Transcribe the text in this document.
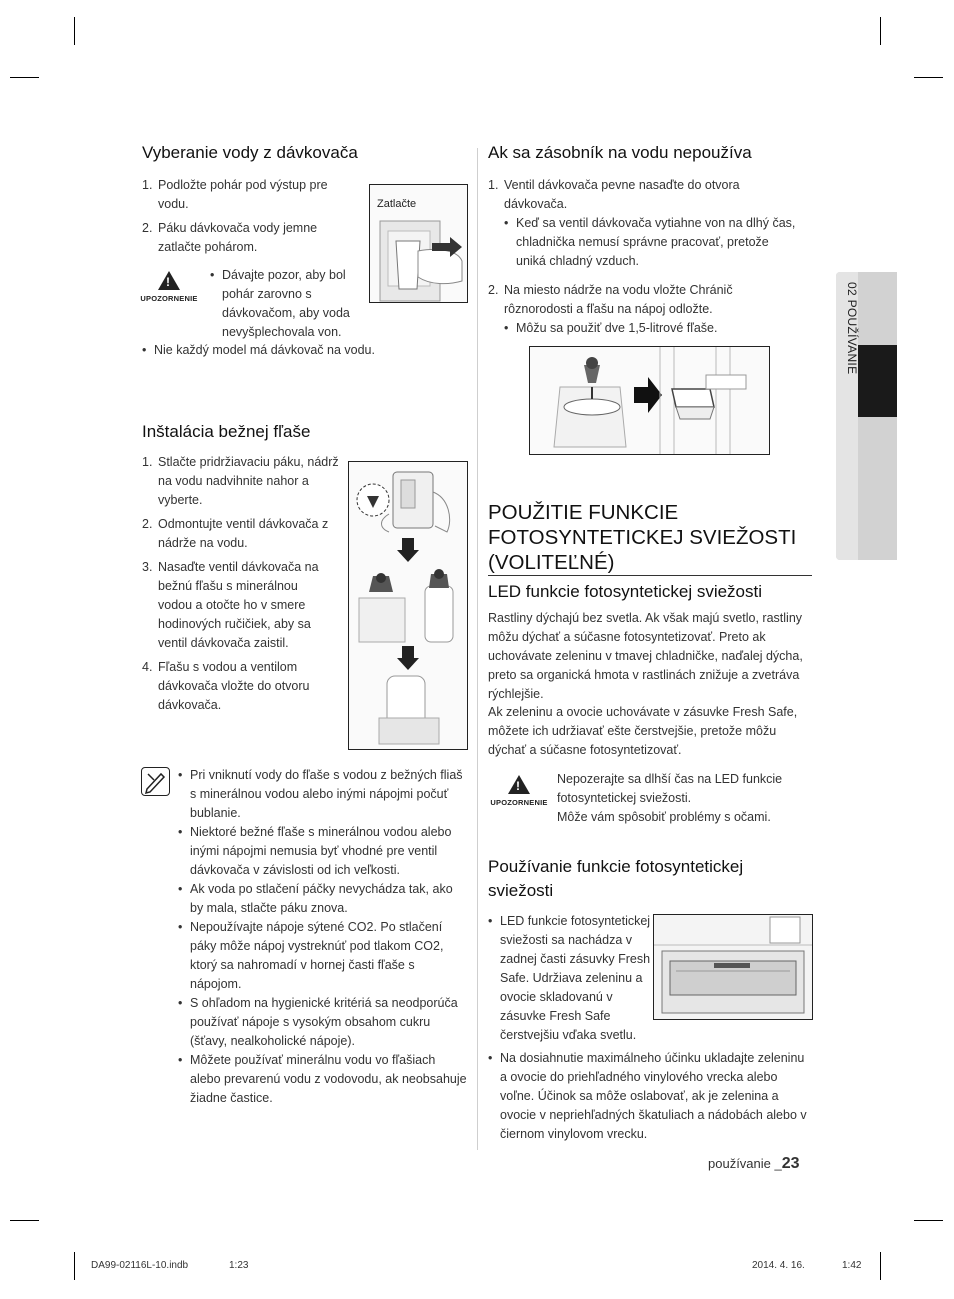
02 POUŽÍVANIE
Vyberanie vody z dávkovača
1. Podložte pohár pod výstup pre vodu.
2. Páku dávkovača vody jemne zatlačte pohárom.
Zatlačte
!
UPOZORNENIE
• Dávajte pozor, aby bol pohár zarovno s dávkovačom, aby voda nevyšplechovala von.
• Nie každý model má dávkovač na vodu.
Inštalácia bežnej fľaše
1. Stlačte pridržiavaciu páku, nádrž na vodu nadvihnite nahor a vyberte.
2. Odmontujte ventil dávkovača z nádrže na vodu.
3. Nasaďte ventil dávkovača na bežnú fľašu s minerálnou vodou a otočte ho v smere hodinových ručičiek, aby sa ventil dávkovača zaistil.
4. Fľašu s vodou a ventilom dávkovača vložte do otvoru dávkovača.
• Pri vniknutí vody do fľaše s vodou z bežných fliaš s minerálnou vodou alebo inými nápojmi počuť bublanie.
• Niektoré bežné fľaše s minerálnou vodou alebo inými nápojmi nemusia byť vhodné pre ventil dávkovača v závislosti od ich veľkosti.
• Ak voda po stlačení páčky nevychádza tak, ako by mala, stlačte páku znova.
• Nepoužívajte nápoje sýtené CO2. Po stlačení páky môže nápoj vystreknúť pod tlakom CO2, ktorý sa nahromadí v hornej časti fľaše s nápojom.
• S ohľadom na hygienické kritériá sa neodporúča používať nápoje s vysokým obsahom cukru (šťavy, nealkoholické nápoje).
• Môžete používať minerálnu vodu vo fľašiach alebo prevarenú vodu z vodovodu, ak neobsahuje žiadne častice.
Ak sa zásobník na vodu nepoužíva
1. Ventil dávkovača pevne nasaďte do otvora dávkovača.
• Keď sa ventil dávkovača vytiahne von na dlhý čas, chladnička nemusí správne pracovať, pretože uniká chladný vzduch.
2. Na miesto nádrže na vodu vložte Chránič rôznorodosti a fľašu na nápoj odložte.
• Môžu sa použiť dve 1,5-litrové fľaše.
POUŽITIE FUNKCIE
FOTOSYNTETICKEJ SVIEŽOSTI
(VOLITEĽNÉ)
LED funkcie fotosyntetickej sviežosti
Rastliny dýchajú bez svetla. Ak však majú svetlo, rastliny môžu dýchať a súčasne fotosyntetizovať. Preto ak uchovávate zeleninu v tmavej chladničke, naďalej dýcha, preto sa organická hmota v rastlinách znižuje a zvetráva rýchlejšie.
Ak zeleninu a ovocie uchovávate v zásuvke Fresh Safe, môžete ich udržiavať ešte čerstvejšie, pretože môžu dýchať a súčasne fotosyntetizovať.
!
UPOZORNENIE
Nepozerajte sa dlhší čas na LED funkcie fotosyntetickej sviežosti.
Môže vám spôsobiť problémy s očami.
Používanie funkcie fotosyntetickej
sviežosti
•
LED funkcie fotosyntetickej sviežosti sa nachádza v zadnej časti zásuvky Fresh Safe. Udržiava zeleninu a ovocie skladovanú v zásuvke Fresh Safe čerstvejšiu vďaka svetlu.
• Na dosiahnutie maximálneho účinku ukladajte zeleninu a ovocie do priehľadného vinylového vrecka alebo voľne. Účinok sa môže oslabovať, ak je zelenina a ovocie v nepriehľadných škatuliach a nádobách alebo v čiernom vinylovom vrecku.
používanie _23
DA99-02116L-10.indb	1:23	2014. 4. 16.	1:42
